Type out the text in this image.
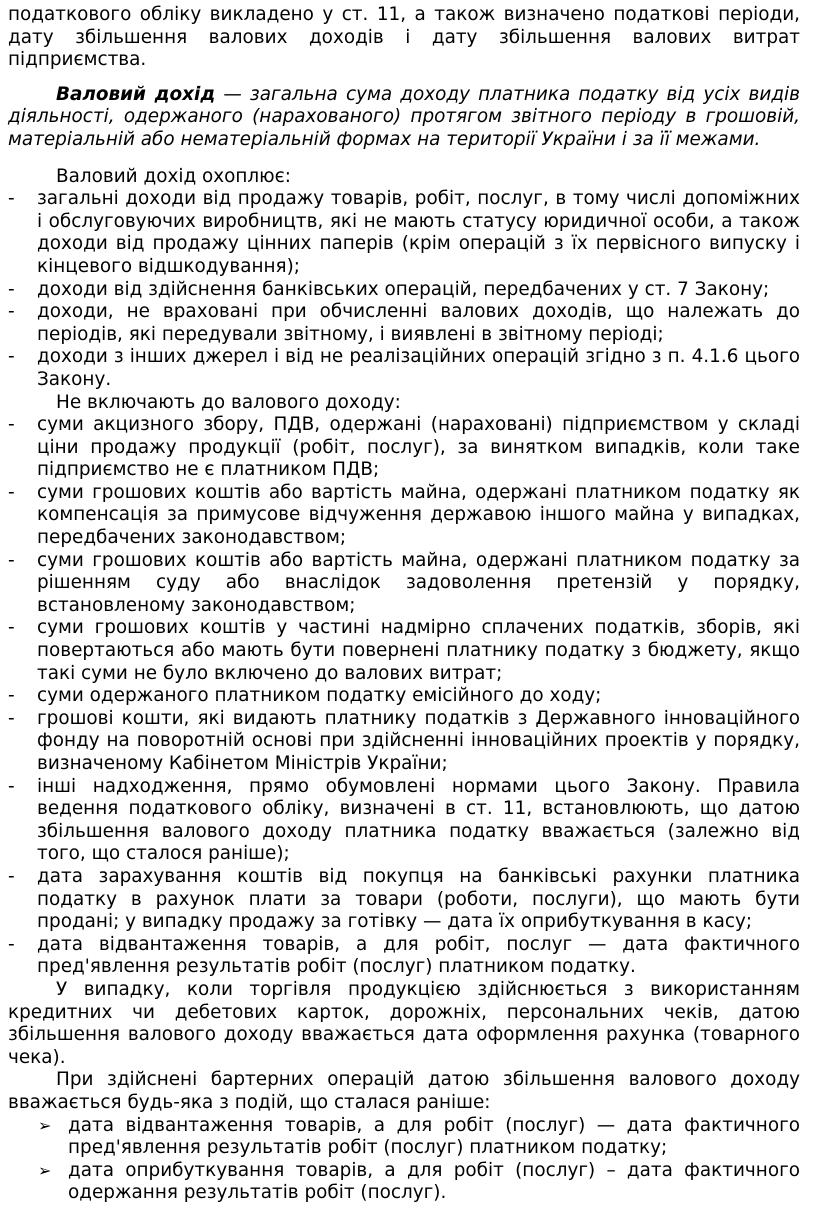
податкового обліку викладено у ст. 11, а також визначено податкові періоди, дату збільшення валових доходів і дату збільшення валових витрат підприємства.

Валовий дохід — загальна сума доходу платника податку від усіх видів діяльності, одержаного (нарахованого) протягом звітного періоду в грошовій, матеріальній або нематеріальній формах на території України і за її межами.

Валовий дохід охоплює:

- загальні доходи від продажу товарів, робіт, послуг, в тому числі допоміжних і обслуговуючих виробництв, які не мають статусу юридичної особи, а також доходи від продажу цінних паперів (крім операцій з їх первісного випуску і кінцевого відшкодування);
- доходи від здійснення банківських операцій, передбачених у ст. 7 Закону;
- доходи, не враховані при обчисленні валових доходів, що належать до періодів, які передували звітному, і виявлені в звітному періоді;
- доходи з інших джерел і від не реалізаційних операцій згідно з п. 4.1.6 цього Закону.

Не включають до валового доходу:

- суми акцизного збору, ПДВ, одержані (нараховані) підприємством у складі ціни продажу продукції (робіт, послуг), за винятком випадків, коли таке підприємство не є платником ПДВ;
- суми грошових коштів або вартість майна, одержані платником податку як компенсація за примусове відчуження державою іншого майна у випадках, передбачених законодавством;
- суми грошових коштів або вартість майна, одержані платником податку за рішенням суду або внаслідок задоволення претензій у порядку, встановленому законодавством;
- суми грошових коштів у частині надмірно сплачених податків, зборів, які повертаються або мають бути повернені платнику податку з бюджету, якщо такі суми не було включено до валових витрат;
- суми одержаного платником податку емісійного до ходу;
- грошові кошти, які видають платнику податків з Державного інноваційного фонду на поворотній основі при здійсненні інноваційних проектів у порядку, визначеному Кабінетом Міністрів України;
- інші надходження, прямо обумовлені нормами цього Закону. Правила ведення податкового обліку, визначені в ст. 11, встановлюють, що датою збільшення валового доходу платника податку вважається (залежно від того, що сталося раніше);
- дата зарахування коштів від покупця на банківські рахунки платника податку в рахунок плати за товари (роботи, послуги), що мають бути продані; у випадку продажу за готівку — дата їх оприбуткування в касу;
- дата відвантаження товарів, а для робіт, послуг — дата фактичного пред'явлення результатів робіт (послуг) платником податку.

У випадку, коли торгівля продукцією здійснюється з використанням кредитних чи дебетових карток, дорожніх, персональних чеків, датою збільшення валового доходу вважається дата оформлення рахунка (товарного чека).

При здійснені бартерних операцій датою збільшення валового доходу вважається будь-яка з подій, що сталася раніше:

➢ дата відвантаження товарів, а для робіт (послуг) — дата фактичного пред'явлення результатів робіт (послуг) платником податку;
➢ дата оприбуткування товарів, а для робіт (послуг) – дата фактичного одержання результатів робіт (послуг).
